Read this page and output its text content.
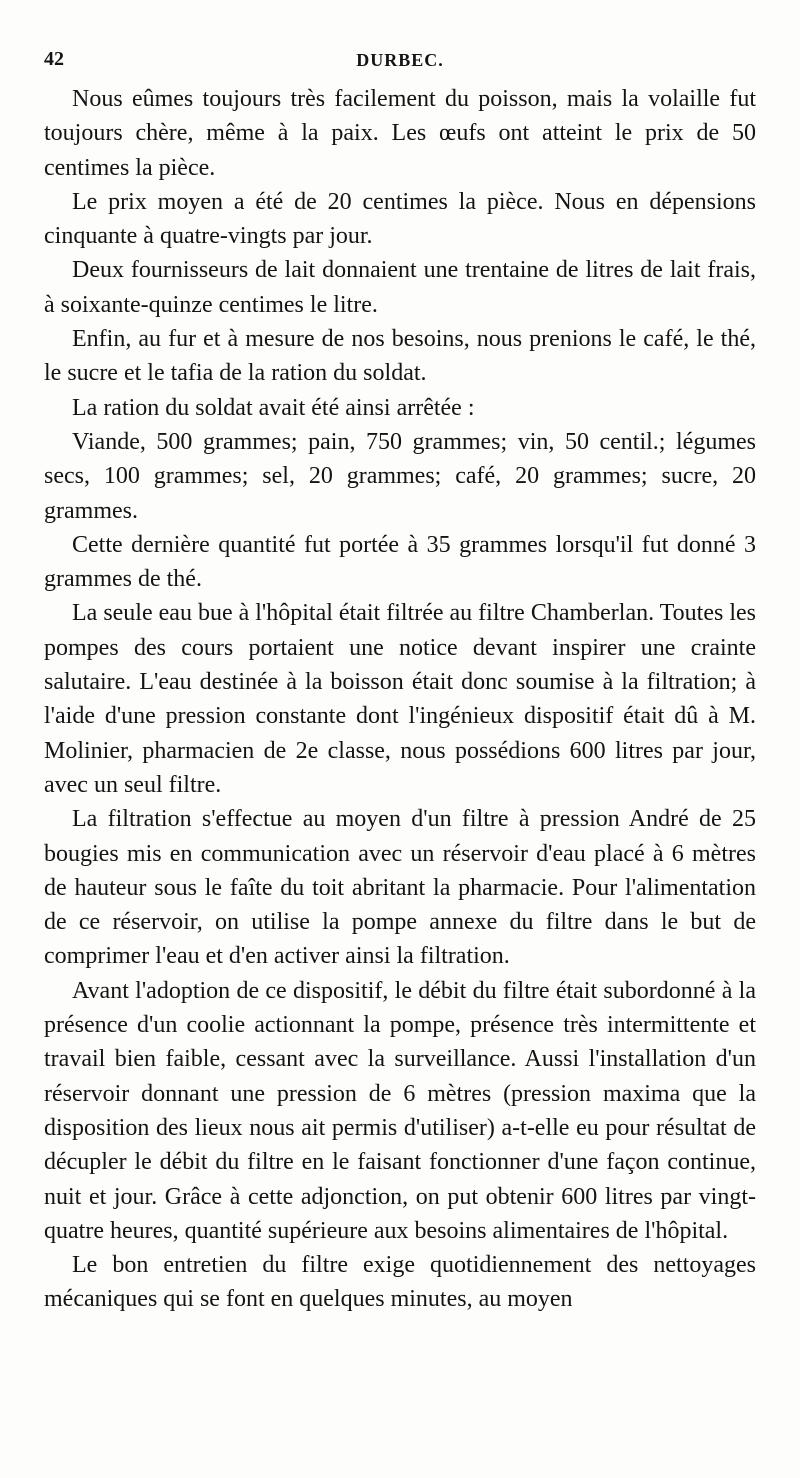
42	DURBEC.

Nous eûmes toujours très facilement du poisson, mais la volaille fut toujours chère, même à la paix. Les œufs ont atteint le prix de 50 centimes la pièce.

Le prix moyen a été de 20 centimes la pièce. Nous en dépensions cinquante à quatre-vingts par jour.

Deux fournisseurs de lait donnaient une trentaine de litres de lait frais, à soixante-quinze centimes le litre.

Enfin, au fur et à mesure de nos besoins, nous prenions le café, le thé, le sucre et le tafia de la ration du soldat.

La ration du soldat avait été ainsi arrêtée :

Viande, 500 grammes; pain, 750 grammes; vin, 50 centil.; légumes secs, 100 grammes; sel, 20 grammes; café, 20 grammes; sucre, 20 grammes.

Cette dernière quantité fut portée à 35 grammes lorsqu'il fut donné 3 grammes de thé.

La seule eau bue à l'hôpital était filtrée au filtre Chamberlan. Toutes les pompes des cours portaient une notice devant inspirer une crainte salutaire. L'eau destinée à la boisson était donc soumise à la filtration; à l'aide d'une pression constante dont l'ingénieux dispositif était dû à M. Molinier, pharmacien de 2e classe, nous possédions 600 litres par jour, avec un seul filtre.

La filtration s'effectue au moyen d'un filtre à pression André de 25 bougies mis en communication avec un réservoir d'eau placé à 6 mètres de hauteur sous le faîte du toit abritant la pharmacie. Pour l'alimentation de ce réservoir, on utilise la pompe annexe du filtre dans le but de comprimer l'eau et d'en activer ainsi la filtration.

Avant l'adoption de ce dispositif, le débit du filtre était subordonné à la présence d'un coolie actionnant la pompe, présence très intermittente et travail bien faible, cessant avec la surveillance. Aussi l'installation d'un réservoir donnant une pression de 6 mètres (pression maxima que la disposition des lieux nous ait permis d'utiliser) a-t-elle eu pour résultat de décupler le débit du filtre en le faisant fonctionner d'une façon continue, nuit et jour. Grâce à cette adjonction, on put obtenir 600 litres par vingt-quatre heures, quantité supérieure aux besoins alimentaires de l'hôpital.

Le bon entretien du filtre exige quotidiennement des nettoyages mécaniques qui se font en quelques minutes, au moyen
